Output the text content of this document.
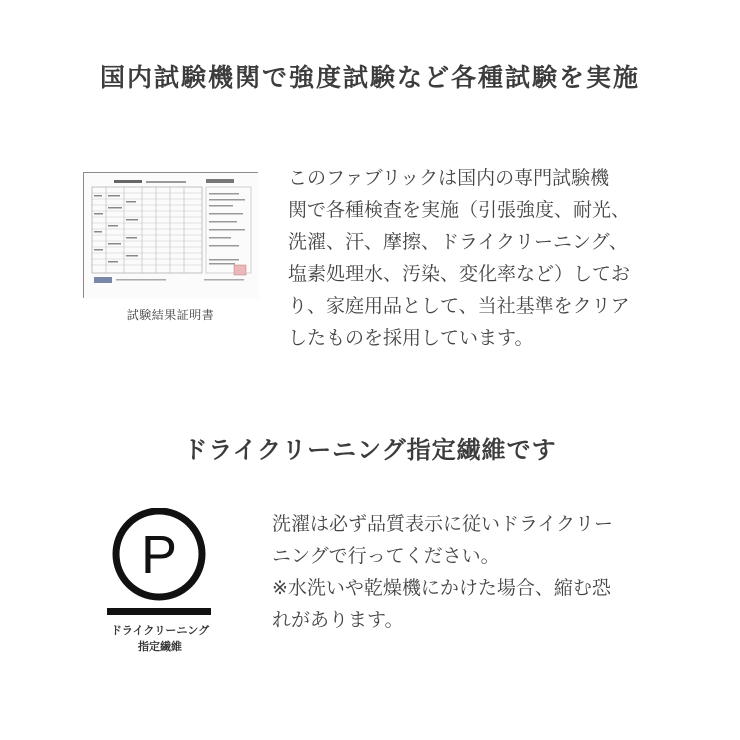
国内試験機関で強度試験など各種試験を実施
試験結果証明書
このファブリックは国内の専門試験機
関で各種検査を実施（引張強度、耐光、
洗濯、汗、摩擦、ドライクリーニング、
塩素処理水、汚染、変化率など）してお
り、家庭用品として、当社基準をクリア
したものを採用しています。
ドライクリーニング指定繊維です
P
ドライクリーニング
指定繊維
洗濯は必ず品質表示に従いドライクリー
ニングで行ってください。
※水洗いや乾燥機にかけた場合、縮む恐
れがあります。
